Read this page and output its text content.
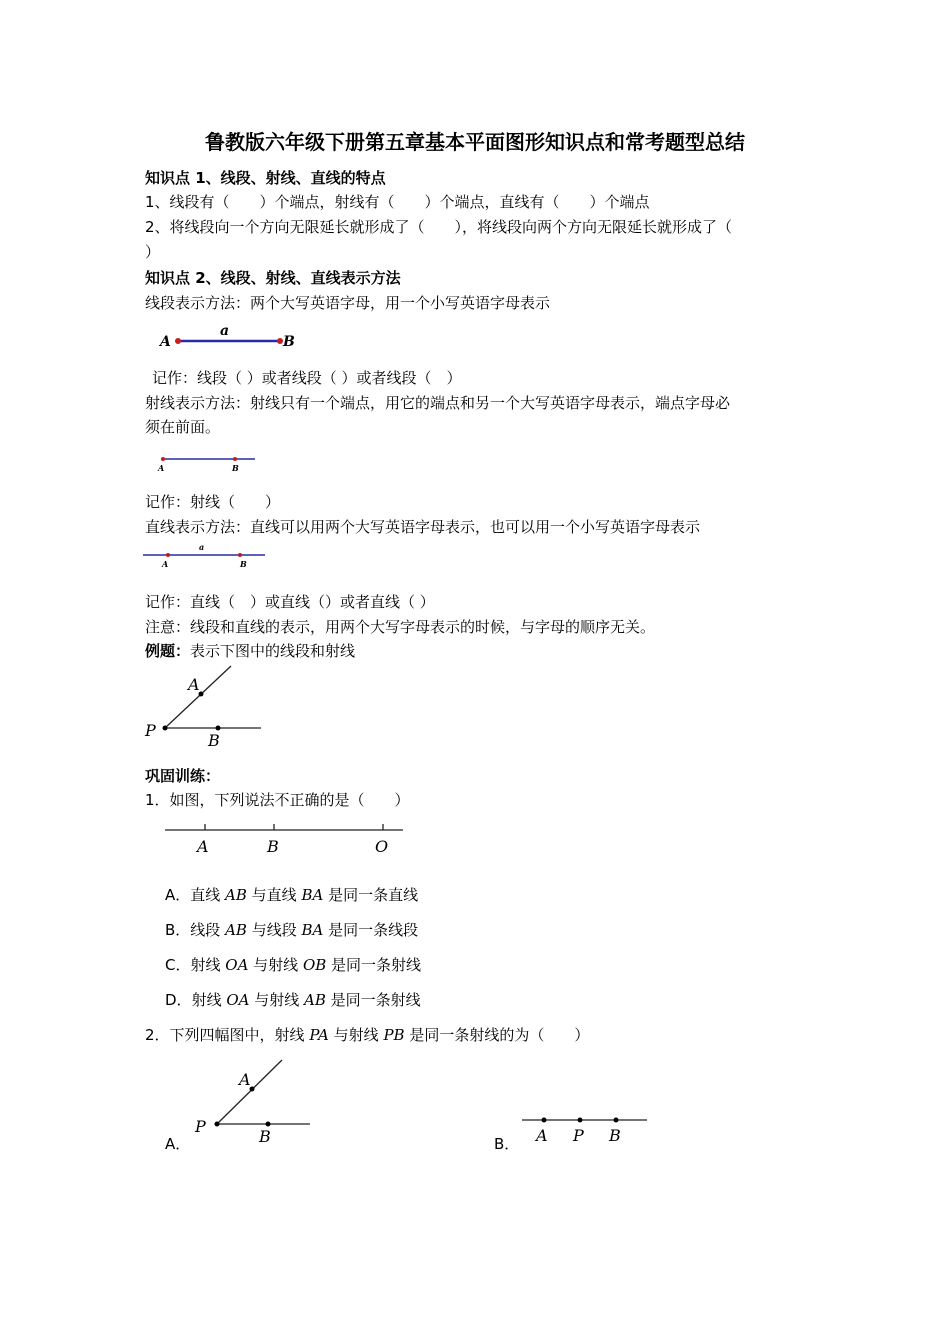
鲁教版六年级下册第五章基本平面图形知识点和常考题型总结
知识点 1、线段、射线、直线的特点
1、线段有（　　）个端点，射线有（　　）个端点，直线有（　　）个端点
2、将线段向一个方向无限延长就形成了（　　），将线段向两个方向无限延长就形成了（
）
知识点 2、线段、射线、直线表示方法
线段表示方法：两个大写英语字母，用一个小写英语字母表示
A	B
a
记作：线段（ ）或者线段（ ）或者线段（　）
射线表示方法：射线只有一个端点，用它的端点和另一个大写英语字母表示，端点字母必
须在前面。
A	B
记作：射线（　　）
直线表示方法：直线可以用两个大写英语字母表示，也可以用一个小写英语字母表示
A	B
a
记作：直线（　）或直线（）或者直线（ ）
注意：线段和直线的表示，用两个大写字母表示的时候，与字母的顺序无关。
例题：表示下图中的线段和射线
A
P
B
巩固训练：
1．如图，下列说法不正确的是（　　）
A	B	O
A．直线 AB 与直线 BA 是同一条直线
B．线段 AB 与线段 BA 是同一条线段
C．射线 OA 与射线 OB 是同一条射线
D．射线 OA 与射线 AB 是同一条射线
2．下列四幅图中，射线 PA 与射线 PB 是同一条射线的为（　　）
A．
A
P
B	B． A P B
